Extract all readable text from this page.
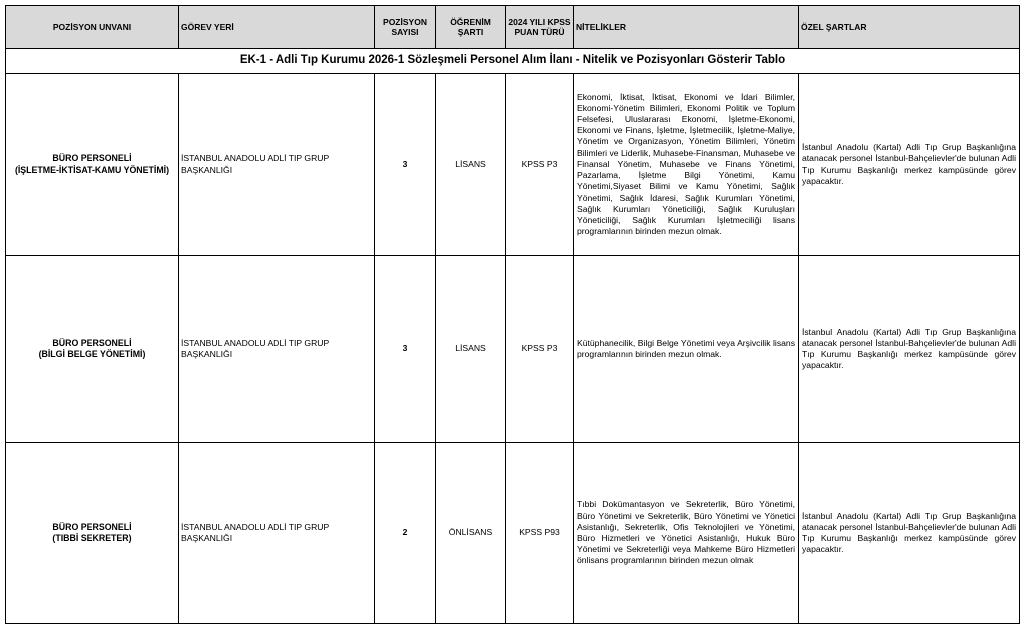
EK-1 - Adli Tıp Kurumu 2026-1 Sözleşmeli Personel Alım İlanı - Nitelik ve Pozisyonları Gösterir Tablo						
POZİSYON UNVANI	GÖREV YERİ	POZİSYON SAYISI	ÖĞRENİM ŞARTI	2024 YILI KPSS PUAN TÜRÜ	NİTELİKLER	ÖZEL ŞARTLAR

BÜRO PERSONELİ
(İŞLETME-İKTİSAT-KAMU YÖNETİMİ)	İSTANBUL ANADOLU ADLİ TIP GRUP BAŞKANLIĞI	3	LİSANS	KPSS P3	Ekonomi, İktisat, İktisat, Ekonomi ve İdari Bilimler, Ekonomi-Yönetim Bilimleri, Ekonomi Politik ve Toplum Felsefesi, Uluslararası Ekonomi, İşletme-Ekonomi, Ekonomi ve Finans, İşletme, İşletmecilik, İşletme-Maliye, Yönetim ve Organizasyon, Yönetim Bilimleri, Yönetim Bilimleri ve Liderlik, Muhasebe-Finansman, Muhasebe ve Finansal Yönetim, Muhasebe ve Finans Yönetimi, Pazarlama, İşletme Bilgi Yönetimi, Kamu Yönetimi,Siyaset Bilimi ve Kamu Yönetimi, Sağlık Yönetimi, Sağlık İdaresi, Sağlık Kurumları Yönetimi, Sağlık Kurumları Yöneticiliği, Sağlık Kuruluşları Yöneticiliği, Sağlık Kurumları İşletmeciliği lisans programlarının birinden mezun olmak.	İstanbul Anadolu (Kartal) Adli Tıp Grup Başkanlığına atanacak personel İstanbul-Bahçelievler'de bulunan Adli Tıp Kurumu Başkanlığı merkez kampüsünde görev yapacaktır.

BÜRO PERSONELİ
(BİLGİ BELGE YÖNETİMİ)	İSTANBUL ANADOLU ADLİ TIP GRUP BAŞKANLIĞI	3	LİSANS	KPSS P3	Kütüphanecilik, Bilgi Belge Yönetimi veya Arşivcilik lisans programlarının birinden mezun olmak.	İstanbul Anadolu (Kartal) Adli Tıp Grup Başkanlığına atanacak personel İstanbul-Bahçelievler'de bulunan Adli Tıp Kurumu Başkanlığı merkez kampüsünde görev yapacaktır.

BÜRO PERSONELİ
(TIBBİ SEKRETER)	İSTANBUL ANADOLU ADLİ TIP GRUP BAŞKANLIĞI	2	ÖNLİSANS	KPSS P93	Tıbbi Dokümantasyon ve Sekreterlik, Büro Yönetimi, Büro Yönetimi ve Sekreterlik, Büro Yönetimi ve Yönetici Asistanlığı, Sekreterlik, Ofis Teknolojileri ve Yönetimi, Büro Hizmetleri ve Yönetici Asistanlığı, Hukuk Büro Yönetimi ve Sekreterliği veya Mahkeme Büro Hizmetleri önlisans programlarının birinden mezun olmak	İstanbul Anadolu (Kartal) Adli Tıp Grup Başkanlığına atanacak personel İstanbul-Bahçelievler'de bulunan Adli Tıp Kurumu Başkanlığı merkez kampüsünde görev yapacaktır.
